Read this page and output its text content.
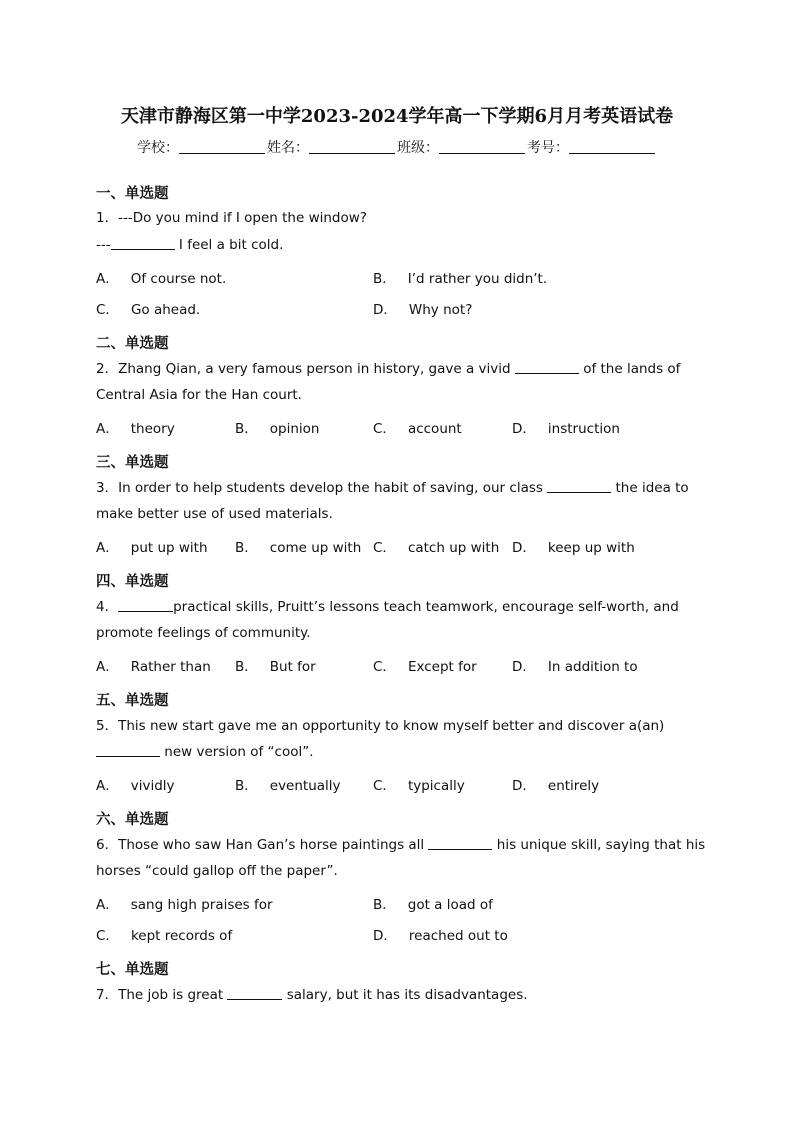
天津市静海区第一中学2023-2024学年高一下学期6月月考英语试卷
学校：	姓名：	班级：	考号：
一、单选题
1．---Do you mind if I open the window?
---	I feel a bit cold.
A． Of course not.	B． I’d rather you didn’t.
C． Go ahead.	D． Why not?
二、单选题
2．Zhang Qian, a very famous person in history, gave a vivid	of the lands of
Central Asia for the Han court.
A． theory	B． opinion	C． account	D． instruction
三、单选题
3．In order to help students develop the habit of saving, our class	the idea to
make better use of used materials.
A． put up with B． come up with C． catch up with D． keep up with
四、单选题
4．	practical skills, Pruitt’s lessons teach teamwork, encourage self-worth, and
promote feelings of community.
A． Rather than B． But for	C． Except for	D． In addition to
五、单选题
5．This new start gave me an opportunity to know myself better and discover a(an)
new version of “cool”.
A． vividly	B． eventually C． typically	D． entirely
六、单选题
6．Those who saw Han Gan’s horse paintings all	his unique skill, saying that his
horses “could gallop off the paper”.
A． sang high praises for	B． got a load of
C． kept records of	D． reached out to
七、单选题
7．The job is great	salary, but it has its disadvantages.
